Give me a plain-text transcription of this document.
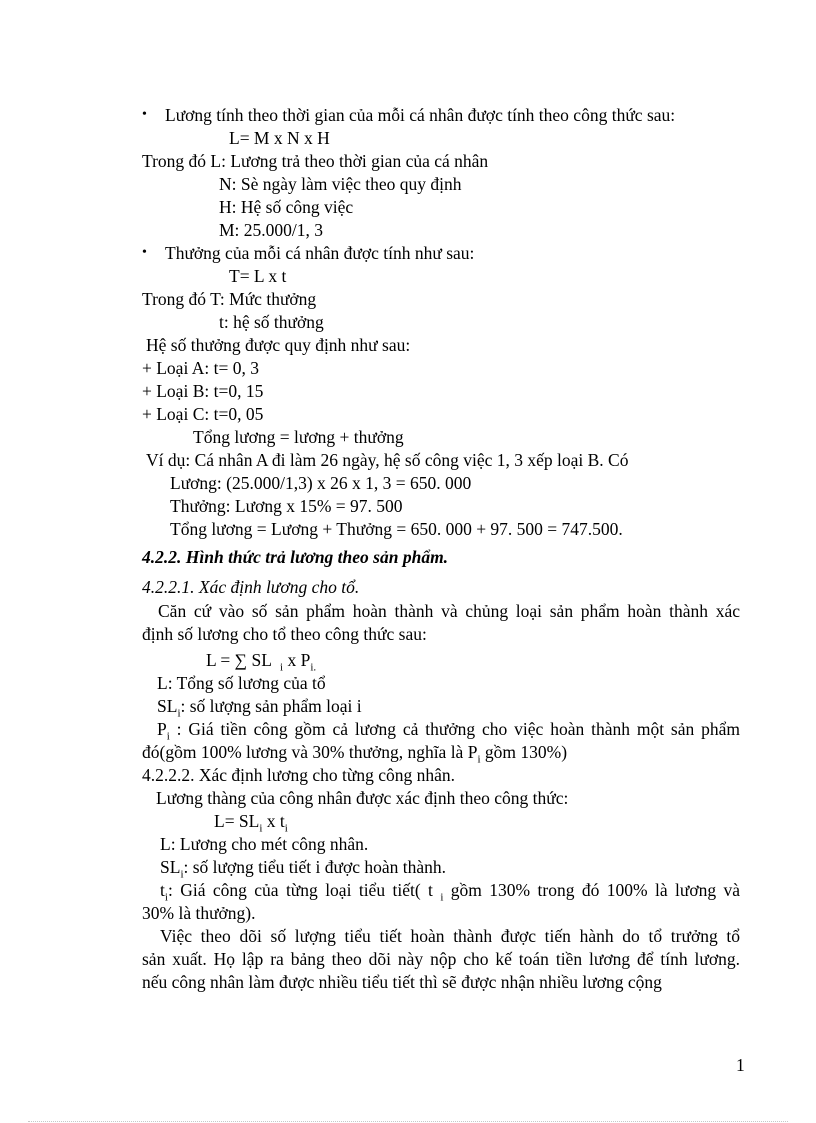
• Lương tính theo thời gian của mỗi cá nhân được tính theo công thức sau:
L= M x N x H
Trong đó L: Lương trả theo thời gian của cá nhân
N: Sè ngày làm việc theo quy định
H: Hệ số công việc
M: 25.000/1, 3
• Thưởng của mỗi cá nhân được tính như sau:
T= L x t
Trong đó T: Mức thưởng
t: hệ số thưởng
Hệ số thưởng được quy định như sau:
+ Loại A: t= 0, 3
+ Loại B: t=0, 15
+ Loại C: t=0, 05
Tổng lương = lương + thưởng
Ví dụ: Cá nhân A đi làm 26 ngày, hệ số công việc 1, 3 xếp loại B. Có
Lương: (25.000/1,3) x 26 x 1, 3 = 650. 000
Thưởng: Lương x 15% = 97. 500
Tổng lương = Lương + Thưởng = 650. 000 + 97. 500 = 747.500.
4.2.2. Hình thức trả lương theo sản phẩm.
4.2.2.1. Xác định lương cho tổ.
Căn cứ vào số sản phẩm hoàn thành và chủng loại sản phẩm hoàn thành xác
định số lương cho tổ theo công thức sau:
L = ∑ SL $_i$ x $P_{i.}$
L: Tổng số lương của tổ
$SL_i$: số lượng sản phẩm loại i
$P_i$ : Giá tiền công gồm cả lương cả thưởng cho việc hoàn thành một sản phẩm
đó(gồm 100% lương và 30% thưởng, nghĩa là $P_i$ gồm 130%)
4.2.2.2. Xác định lương cho từng công nhân.
Lương thàng của công nhân được xác định theo công thức:
$L= SL_i$ x $t_i$
L: Lương cho mét công nhân.
$SL_i$: số lượng tiểu tiết i được hoàn thành.
$t_i$: Giá công của từng loại tiểu tiết( t $_i$ gồm 130% trong đó 100% là lương và
30% là thưởng).
Việc theo dõi số lượng tiểu tiết hoàn thành được tiến hành do tổ trưởng tổ
sản xuất. Họ lập ra bảng theo dõi này nộp cho kế toán tiền lương để tính lương.
nếu công nhân làm được nhiều tiểu tiết thì sẽ được nhận nhiều lương cộng
1
